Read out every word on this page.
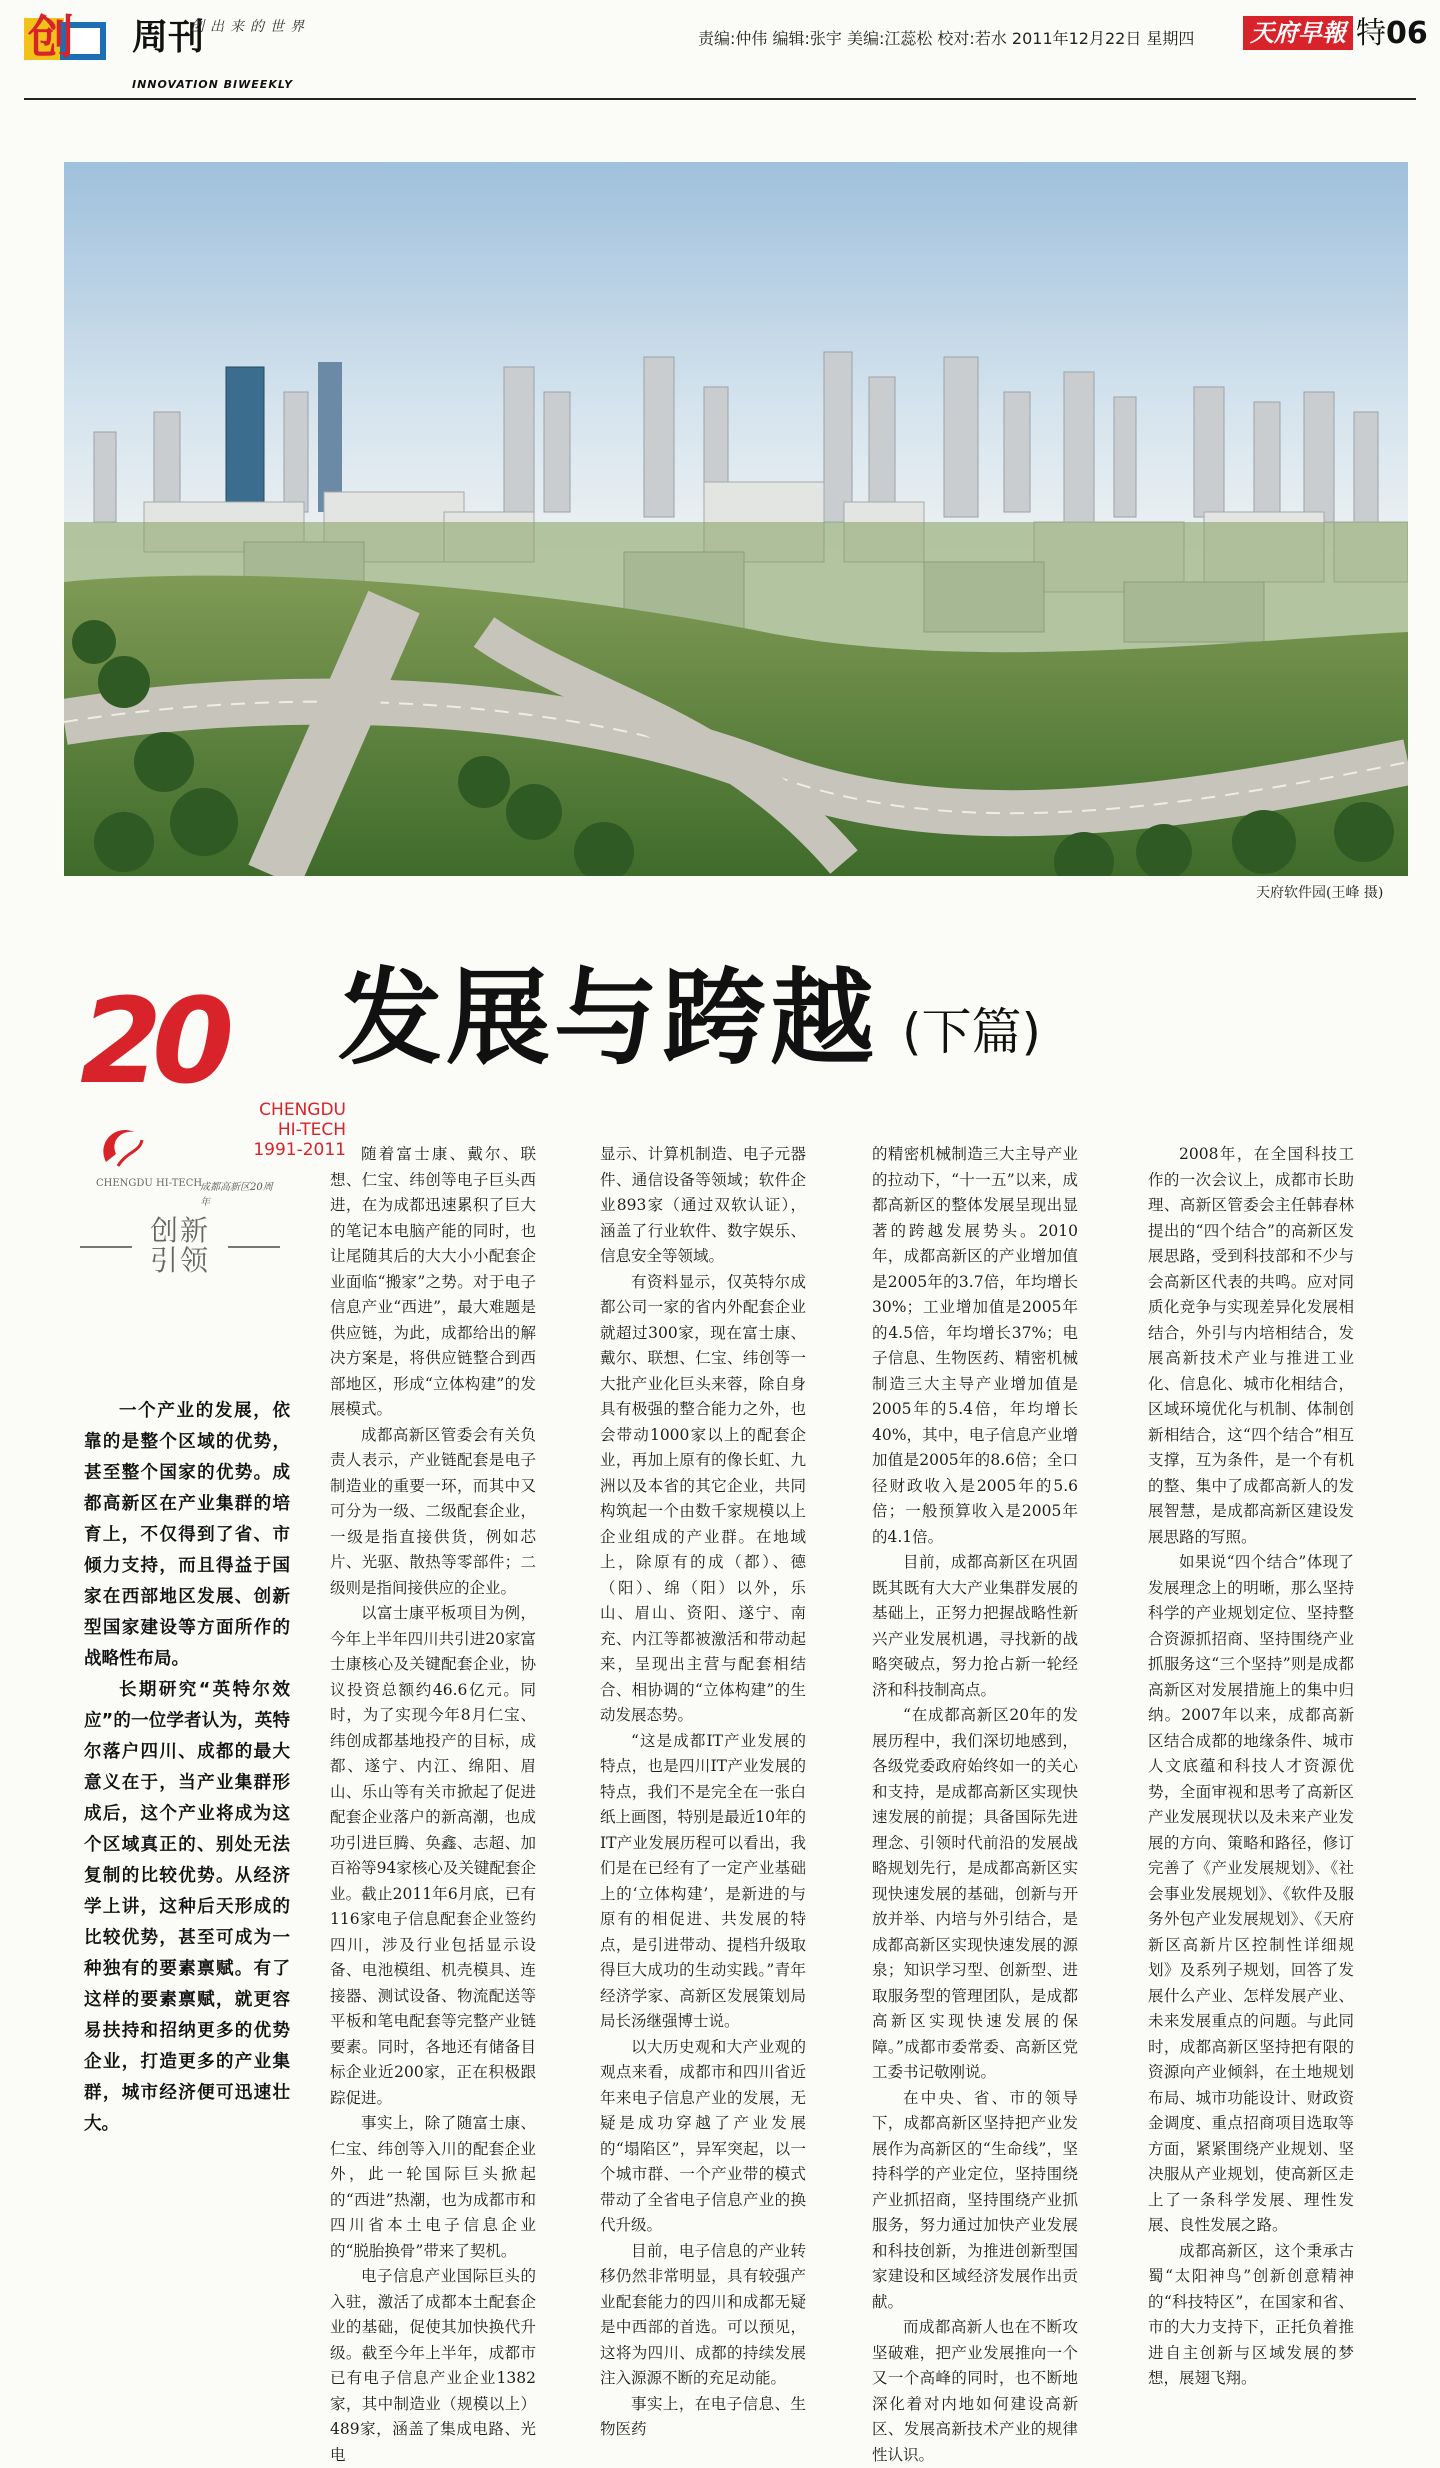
创 周刊
创出来的世界
责编:仲伟 编辑:张宇 美编:江蕊松 校对:若水 2011年12月22日 星期四 天府早報 特06
INNOVATION BIWEEKLY
天府软件园(王峰 摄)
20	CHENGDU
HI-TECH
1991-2011
CHENGDU HI-TECH
成都高新区20周年
创新
引领
发展与跨越 (下篇)

一个产业的发展，依靠的是整个区域的优势，甚至整个国家的优势。成都高新区在产业集群的培育上，不仅得到了省、市倾力支持，而且得益于国家在西部地区发展、创新型国家建设等方面所作的战略性布局。

长期研究“英特尔效应”的一位学者认为，英特尔落户四川、成都的最大意义在于，当产业集群形成后，这个产业将成为这个区域真正的、别处无法复制的比较优势。从经济学上讲，这种后天形成的比较优势，甚至可成为一种独有的要素禀赋。有了这样的要素禀赋，就更容易扶持和招纳更多的优势企业，打造更多的产业集群，城市经济便可迅速壮大。

随着富士康、戴尔、联想、仁宝、纬创等电子巨头西进，在为成都迅速累积了巨大的笔记本电脑产能的同时，也让尾随其后的大大小小配套企业面临“搬家”之势。对于电子信息产业“西进”，最大难题是供应链，为此，成都给出的解决方案是，将供应链整合到西部地区，形成“立体构建”的发展模式。

成都高新区管委会有关负责人表示，产业链配套是电子制造业的重要一环，而其中又可分为一级、二级配套企业，一级是指直接供货，例如芯片、光驱、散热等零部件；二级则是指间接供应的企业。

以富士康平板项目为例，今年上半年四川共引进20家富士康核心及关键配套企业，协议投资总额约46.6亿元。同时，为了实现今年8月仁宝、纬创成都基地投产的目标，成都、遂宁、内江、绵阳、眉山、乐山等有关市掀起了促进配套企业落户的新高潮，也成功引进巨腾、奂鑫、志超、加百裕等94家核心及关键配套企业。截止2011年6月底，已有116家电子信息配套企业签约四川，涉及行业包括显示设备、电池模组、机壳模具、连接器、测试设备、物流配送等平板和笔电配套等完整产业链要素。同时，各地还有储备目标企业近200家，正在积极跟踪促进。

事实上，除了随富士康、仁宝、纬创等入川的配套企业外，此一轮国际巨头掀起的“西进”热潮，也为成都市和四川省本土电子信息企业的“脱胎换骨”带来了契机。

电子信息产业国际巨头的入驻，激活了成都本土配套企业的基础，促使其加快换代升级。截至今年上半年，成都市已有电子信息产业企业1382家，其中制造业（规模以上）489家，涵盖了集成电路、光电

显示、计算机制造、电子元器件、通信设备等领域；软件企业893家（通过双软认证），涵盖了行业软件、数字娱乐、信息安全等领域。

有资料显示，仅英特尔成都公司一家的省内外配套企业就超过300家，现在富士康、戴尔、联想、仁宝、纬创等一大批产业化巨头来蓉，除自身具有极强的整合能力之外，也会带动1000家以上的配套企业，再加上原有的像长虹、九洲以及本省的其它企业，共同构筑起一个由数千家规模以上企业组成的产业群。在地域上，除原有的成（都）、德（阳）、绵（阳）以外，乐山、眉山、资阳、遂宁、南充、内江等都被激活和带动起来，呈现出主营与配套相结合、相协调的“立体构建”的生动发展态势。

“这是成都IT产业发展的特点，也是四川IT产业发展的特点，我们不是完全在一张白纸上画图，特别是最近10年的IT产业发展历程可以看出，我们是在已经有了一定产业基础上的‘立体构建’，是新进的与原有的相促进、共发展的特点，是引进带动、提档升级取得巨大成功的生动实践。”青年经济学家、高新区发展策划局局长汤继强博士说。

以大历史观和大产业观的观点来看，成都市和四川省近年来电子信息产业的发展，无疑是成功穿越了产业发展的“塌陷区”，异军突起，以一个城市群、一个产业带的模式带动了全省电子信息产业的换代升级。

目前，电子信息的产业转移仍然非常明显，具有较强产业配套能力的四川和成都无疑是中西部的首选。可以预见，这将为四川、成都的持续发展注入源源不断的充足动能。

事实上，在电子信息、生物医药

的精密机械制造三大主导产业的拉动下，“十一五”以来，成都高新区的整体发展呈现出显著的跨越发展势头。2010年，成都高新区的产业增加值是2005年的3.7倍，年均增长30%；工业增加值是2005年的4.5倍，年均增长37%；电子信息、生物医药、精密机械制造三大主导产业增加值是2005年的5.4倍，年均增长40%，其中，电子信息产业增加值是2005年的8.6倍；全口径财政收入是2005年的5.6倍；一般预算收入是2005年的4.1倍。

目前，成都高新区在巩固既其既有大大产业集群发展的基础上，正努力把握战略性新兴产业发展机遇，寻找新的战略突破点，努力抢占新一轮经济和科技制高点。

“在成都高新区20年的发展历程中，我们深切地感到，各级党委政府始终如一的关心和支持，是成都高新区实现快速发展的前提；具备国际先进理念、引领时代前沿的发展战略规划先行，是成都高新区实现快速发展的基础，创新与开放并举、内培与外引结合，是成都高新区实现快速发展的源泉；知识学习型、创新型、进取服务型的管理团队，是成都高新区实现快速发展的保障。”成都市委常委、高新区党工委书记敬刚说。

在中央、省、市的领导下，成都高新区坚持把产业发展作为高新区的“生命线”，坚持科学的产业定位，坚持围绕产业抓招商，坚持围绕产业抓服务，努力通过加快产业发展和科技创新，为推进创新型国家建设和区域经济发展作出贡献。

而成都高新人也在不断攻坚破难，把产业发展推向一个又一个高峰的同时，也不断地深化着对内地如何建设高新区、发展高新技术产业的规律性认识。

2008年，在全国科技工作的一次会议上，成都市长助理、高新区管委会主任韩春林提出的“四个结合”的高新区发展思路，受到科技部和不少与会高新区代表的共鸣。应对同质化竞争与实现差异化发展相结合，外引与内培相结合，发展高新技术产业与推进工业化、信息化、城市化相结合，区域环境优化与机制、体制创新相结合，这“四个结合”相互支撑，互为条件，是一个有机的整、集中了成都高新人的发展智慧，是成都高新区建设发展思路的写照。

如果说“四个结合”体现了发展理念上的明晰，那么坚持科学的产业规划定位、坚持整合资源抓招商、坚持围绕产业抓服务这“三个坚持”则是成都高新区对发展措施上的集中归纳。2007年以来，成都高新区结合成都的地缘条件、城市人文底蕴和科技人才资源优势，全面审视和思考了高新区产业发展现状以及未来产业发展的方向、策略和路径，修订完善了《产业发展规划》、《社会事业发展规划》、《软件及服务外包产业发展规划》、《天府新区高新片区控制性详细规划》及系列子规划，回答了发展什么产业、怎样发展产业、未来发展重点的问题。与此同时，成都高新区坚持把有限的资源向产业倾斜，在土地规划布局、城市功能设计、财政资金调度、重点招商项目选取等方面，紧紧围绕产业规划、坚决服从产业规划，使高新区走上了一条科学发展、理性发展、良性发展之路。

成都高新区，这个秉承古蜀“太阳神鸟”创新创意精神的“科技特区”，在国家和省、市的大力支持下，正托负着推进自主创新与区域发展的梦想，展翅飞翔。
